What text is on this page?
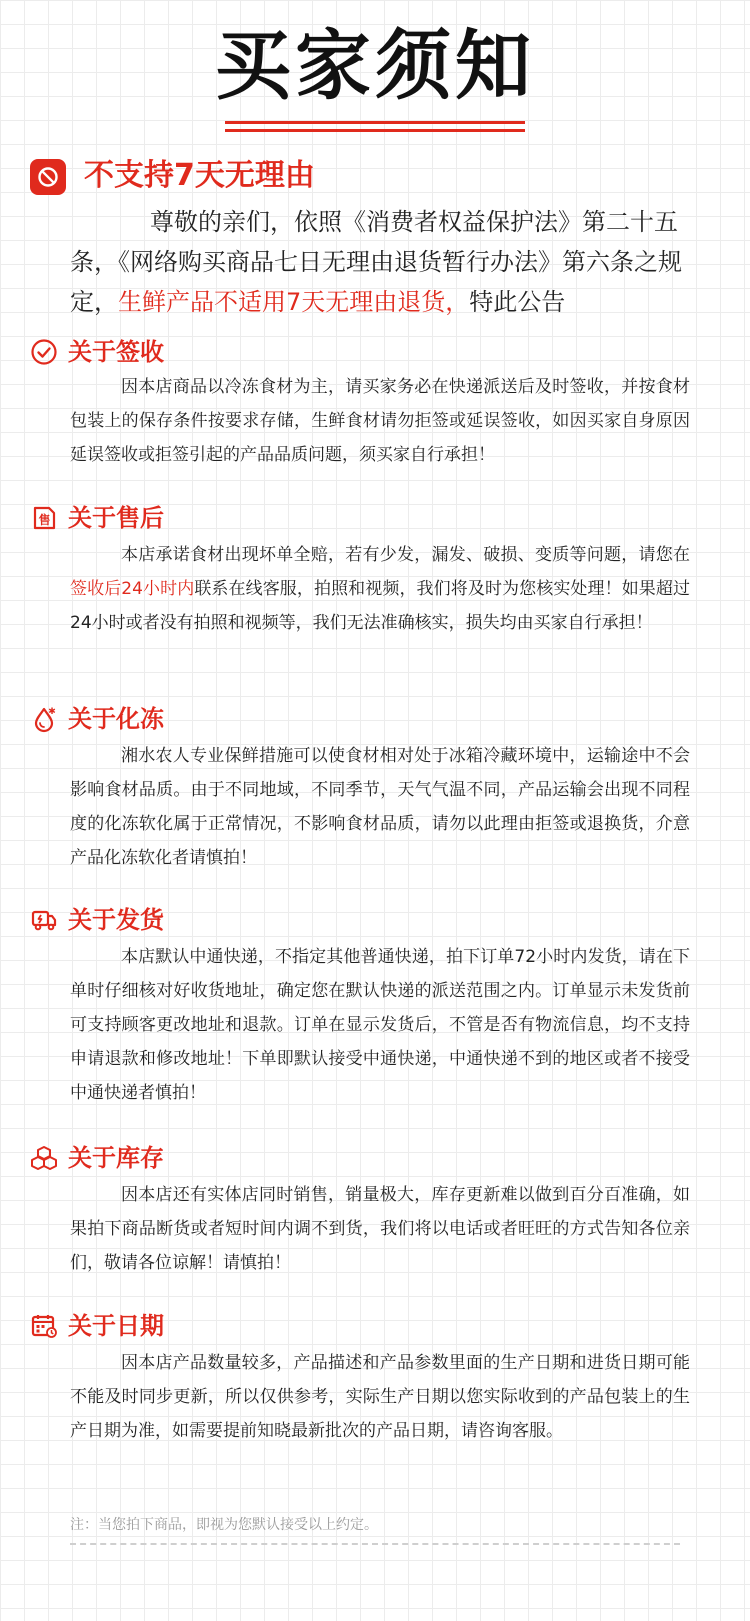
买家须知
不支持7天无理由

尊敬的亲们，依照《消费者权益保护法》第二十五条，《网络购买商品七日无理由退货暂行办法》第六条之规定，生鲜产品不适用7天无理由退货，特此公告

关于签收

因本店商品以冷冻食材为主，请买家务必在快递派送后及时签收，并按食材包装上的保存条件按要求存储，生鲜食材请勿拒签或延误签收，如因买家自身原因延误签收或拒签引起的产品品质问题，须买家自行承担！

售 关于售后

本店承诺食材出现坏单全赔，若有少发，漏发、破损、变质等问题，请您在签收后24小时内联系在线客服，拍照和视频，我们将及时为您核实处理！如果超过24小时或者没有拍照和视频等，我们无法准确核实，损失均由买家自行承担！

✱ 关于化冻

湘水农人专业保鲜措施可以使食材相对处于冰箱冷藏环境中，运输途中不会影响食材品质。由于不同地域，不同季节，天气气温不同，产品运输会出现不同程度的化冻软化属于正常情况，不影响食材品质，请勿以此理由拒签或退换货，介意产品化冻软化者请慎拍！

关于发货

本店默认中通快递，不指定其他普通快递，拍下订单72小时内发货，请在下单时仔细核对好收货地址，确定您在默认快递的派送范围之内。订单显示未发货前可支持顾客更改地址和退款。订单在显示发货后，不管是否有物流信息，均不支持申请退款和修改地址！下单即默认接受中通快递，中通快递不到的地区或者不接受中通快递者慎拍！

关于库存

因本店还有实体店同时销售，销量极大，库存更新难以做到百分百准确，如果拍下商品断货或者短时间内调不到货，我们将以电话或者旺旺的方式告知各位亲们，敬请各位谅解！请慎拍！

关于日期

因本店产品数量较多，产品描述和产品参数里面的生产日期和进货日期可能不能及时同步更新，所以仅供参考，实际生产日期以您实际收到的产品包装上的生产日期为准，如需要提前知晓最新批次的产品日期，请咨询客服。

注：当您拍下商品，即视为您默认接受以上约定。
